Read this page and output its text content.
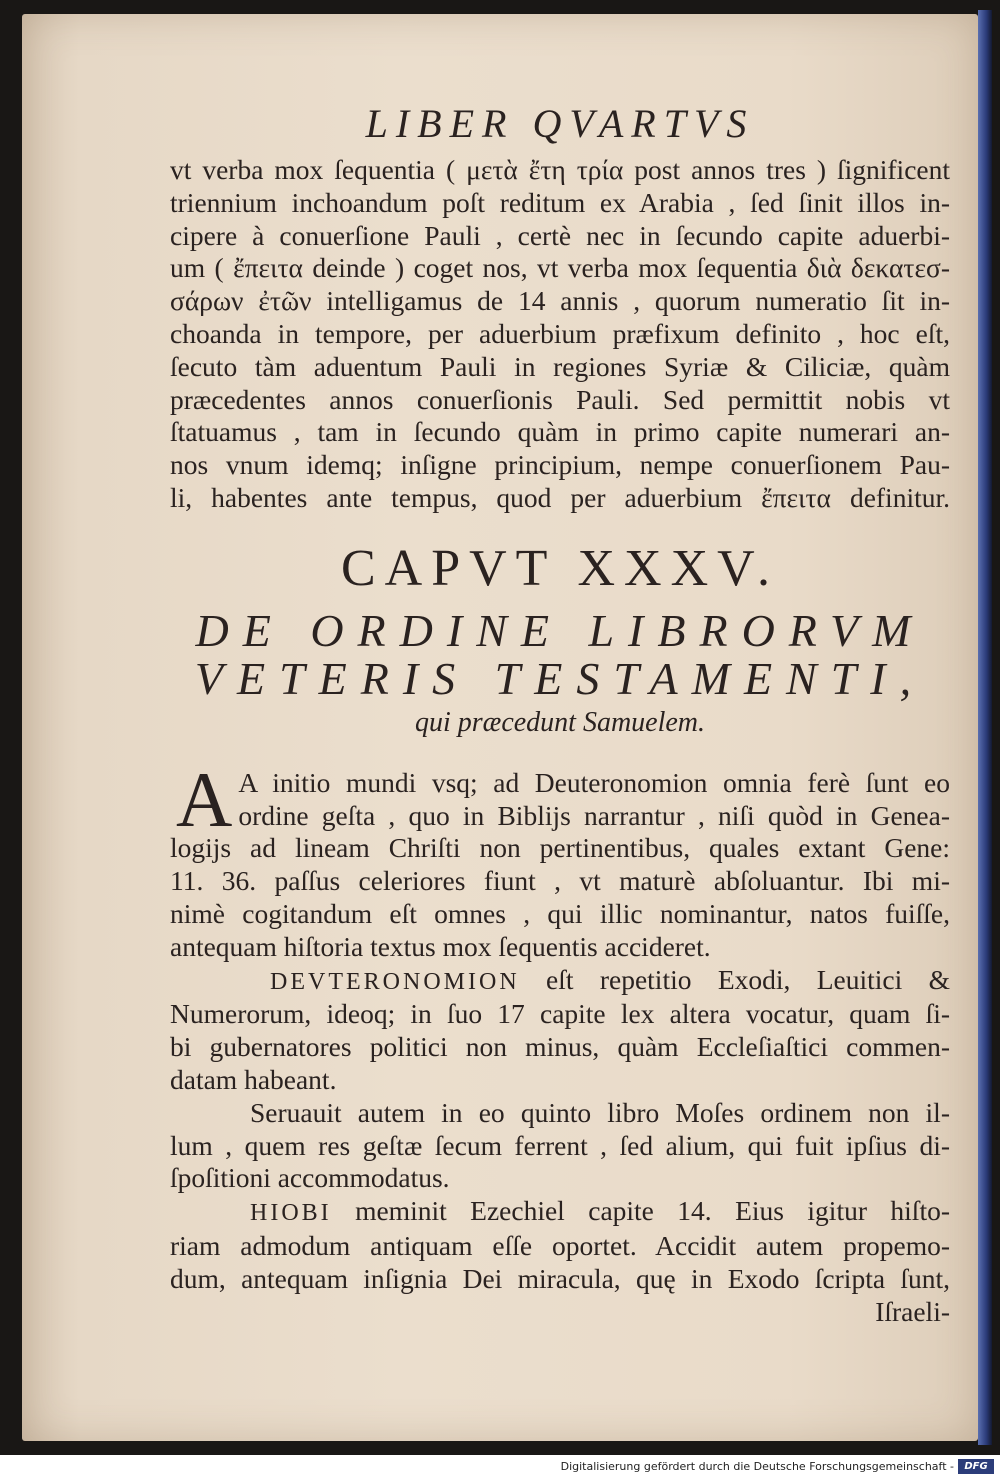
LIBER QVARTVS

vt verba mox ſequentia ( μετὰ ἔτη τρία post annos tres ) ſignificent

triennium inchoandum poſt reditum ex Arabia , ſed ſinit illos in-

cipere à conuerſione Pauli , certè nec in ſecundo capite aduerbi-

um ( ἔπειτα deinde ) coget nos, vt verba mox ſequentia διὰ δεκατεσ-

σάρων ἐτῶν intelligamus de 14 annis , quorum numeratio ſit in-

choanda in tempore, per aduerbium præfixum definito , hoc eſt,

ſecuto tàm aduentum Pauli in regiones Syriæ & Ciliciæ, quàm

præcedentes annos conuerſionis Pauli. Sed permittit nobis vt

ſtatuamus , tam in ſecundo quàm in primo capite numerari an-

nos vnum idemq; inſigne principium, nempe conuerſionem Pau-

li, habentes ante tempus, quod per aduerbium ἔπειτα definitur.

CAPVT XXXV.

DE ORDINE LIBRORVM

VETERIS TESTAMENTI,

qui præcedunt Samuelem.

A A initio mundi vsq; ad Deuteronomion omnia ferè ſunt eo

ordine geſta , quo in Biblijs narrantur , niſi quòd in Genea-

logijs ad lineam Chriſti non pertinentibus, quales extant Gene:

11. 36. paſſus celeriores fiunt , vt maturè abſoluantur. Ibi mi-

nimè cogitandum eſt omnes , qui illic nominantur, natos fuiſſe,

antequam hiſtoria textus mox ſequentis accideret.

DEVTERONOMION eſt repetitio Exodi, Leuitici &

Numerorum, ideoq; in ſuo 17 capite lex altera vocatur, quam ſi-

bi gubernatores politici non minus, quàm Eccleſiaſtici commen-

datam habeant.

Seruauit autem in eo quinto libro Moſes ordinem non il-

lum , quem res geſtæ ſecum ferrent , ſed alium, qui fuit ipſius di-

ſpoſitioni accommodatus.

HIOBI meminit Ezechiel capite 14. Eius igitur hiſto-

riam admodum antiquam eſſe oportet. Accidit autem propemo-

dum, antequam inſignia Dei miracula, quę in Exodo ſcripta ſunt,

Iſraeli-

Digitalisierung gefördert durch die Deutsche Forschungsgemeinschaft -	DFG
